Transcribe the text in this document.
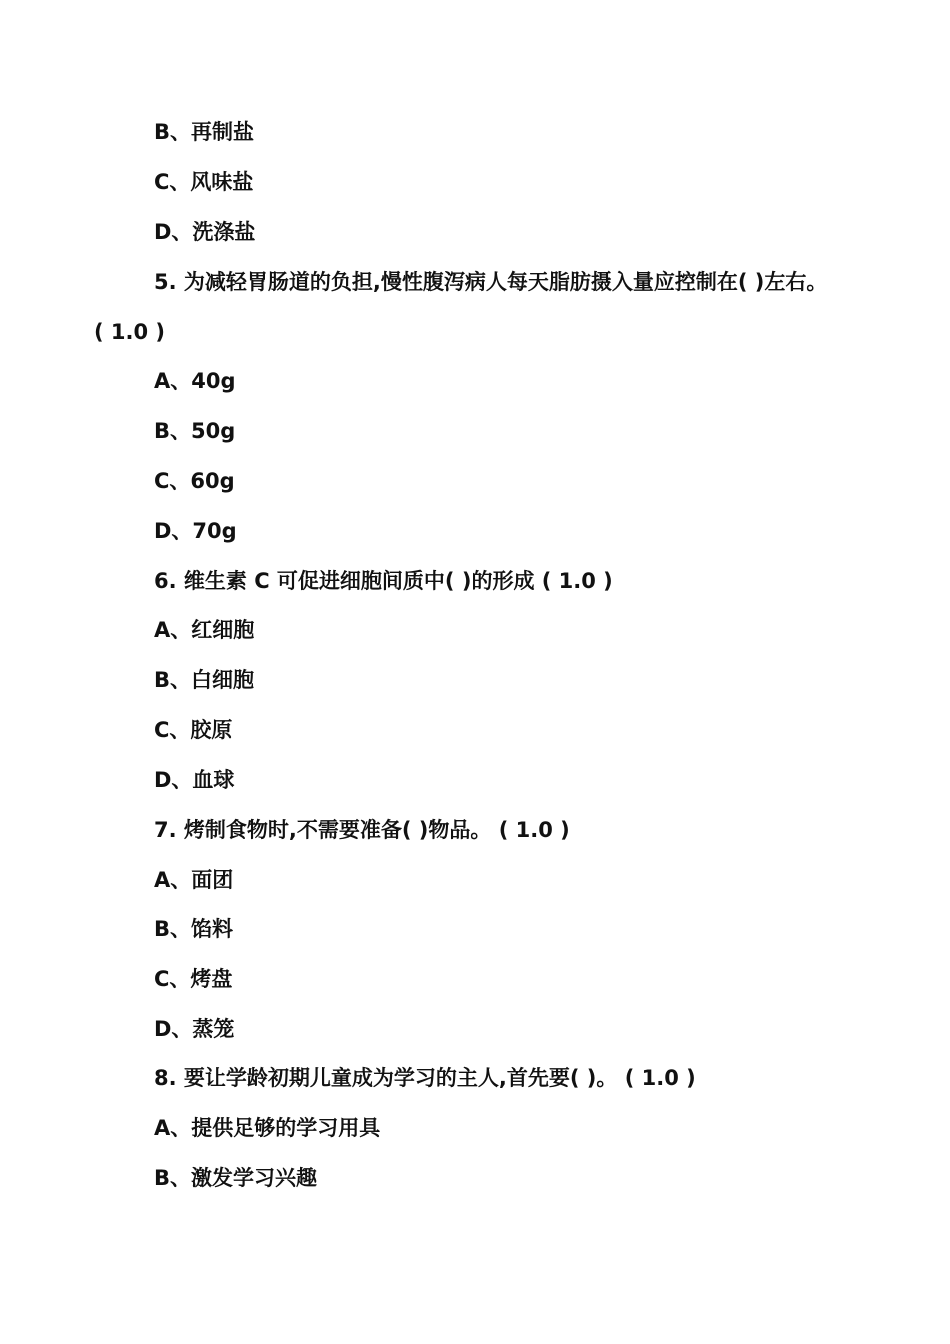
B、再制盐
C、风味盐
D、洗涤盐
5. 为减轻胃肠道的负担,慢性腹泻病人每天脂肪摄入量应控制在( )左右。
( 1.0 )
A、40g
B、50g
C、60g
D、70g
6. 维生素 C 可促进细胞间质中( )的形成 ( 1.0 )
A、红细胞
B、白细胞
C、胶原
D、血球
7. 烤制食物时,不需要准备( )物品。 ( 1.0 )
A、面团
B、馅料
C、烤盘
D、蒸笼
8. 要让学龄初期儿童成为学习的主人,首先要( )。 ( 1.0 )
A、提供足够的学习用具
B、激发学习兴趣
